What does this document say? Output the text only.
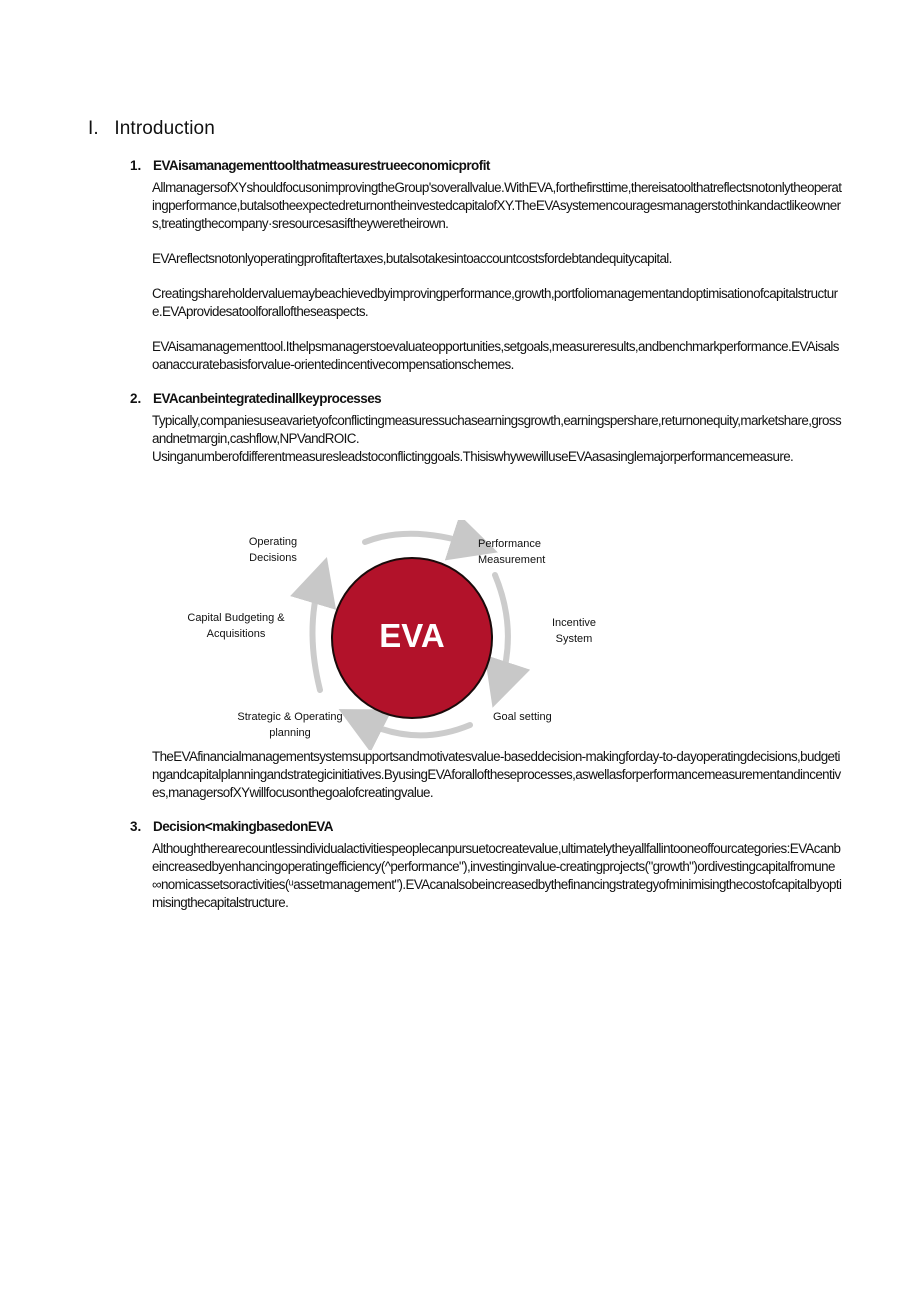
I. Introduction
1. EVAisamanagementtoolthatmeasurestrueeconomicprofit
AllmanagersofXYshouldfocusonimprovingtheGroup'soverallvalue.WithEVA,forthefirsttime,thereisatoolthatreflectsnotonlytheoperatingperformance,butalsotheexpectedreturnontheinvestedcapitalofXY.TheEVAsystemencouragesmanagerstothinkandactlikeowners,treatingthecompany·sresourcesasiftheyweretheirown.
EVAreflectsnotonlyoperatingprofitaftertaxes,butalsotakesintoaccountcostsfordebtandequitycapital.
Creatingshareholdervaluemaybeachievedbyimprovingperformance,growth,portfoliomanagementandoptimisationofcapitalstructure.EVAprovidesatoolforalloftheseaspects.
EVAisamanagementtool.Ithelpsmanagerstoevaluateopportunities,setgoals,measureresults,andbenchmarkperformance.EVAisalsoanaccuratebasisforvalue-orientedincentivecompensationschemes.
2. EVAcanbeintegratedinallkeyprocesses
Typically,companiesuseavarietyofconflictingmeasuressuchasearningsgrowth,earningspershare,returnonequity,marketshare,grossandnetmargin,cashflow,NPVandROIC.
Usinganumberofdifferentmeasuresleadstoconflictinggoals.ThisiswhywewilluseEVAasasinglemajorperformancemeasure.
EVA
Operating
Decisions
Performance
Measurement
Incentive
System
Goal setting
Strategic & Operating
planning
Capital Budgeting &
Acquisitions
TheEVAfinancialmanagementsystemsupportsandmotivatesvalue-baseddecision-makingforday-to-dayoperatingdecisions,budgetingandcapitalplanningandstrategicinitiatives.ByusingEVAforalloftheseprocesses,aswellasforperformancemeasurementandincentives,managersofXYwillfocusonthegoalofcreatingvalue.
3. Decision<makingbasedonEVA
Althoughtherearecountlessindividualactivitiespeoplecanpursuetocreatevalue,ultimatelytheyallfallintooneoffourcategories:EVAcanbeincreasedbyenhancingoperatingefficiency(^performance"),investinginvalue-creatingprojects("growth")ordivestingcapitalfromune∞nomicassetsoractivities(ᵘassetmanagement").EVAcanalsobeincreasedbythefinancingstrategyofminimisingthecostofcapitalbyoptimisingthecapitalstructure.
